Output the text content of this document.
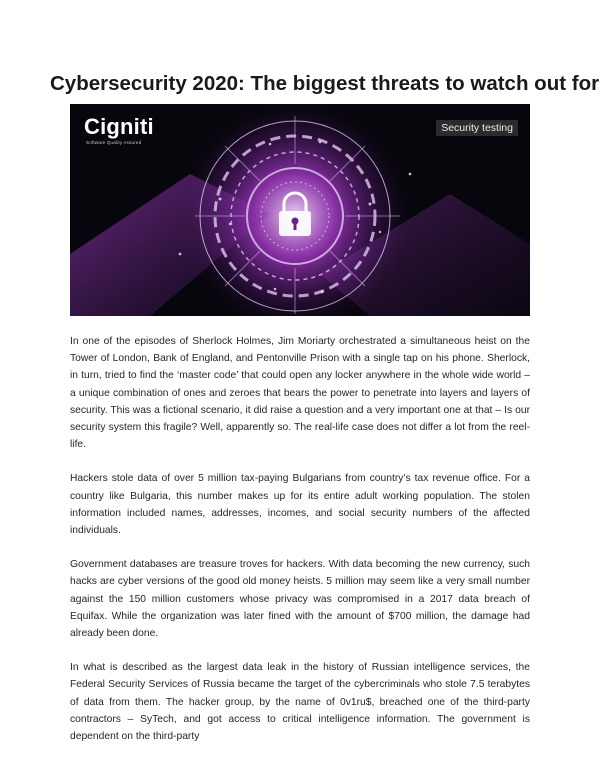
Cybersecurity 2020: The biggest threats to watch out for
Cigniti
Software Quality Assured
Security testing

In one of the episodes of Sherlock Holmes, Jim Moriarty orchestrated a simultaneous heist on the Tower of London, Bank of England, and Pentonville Prison with a single tap on his phone. Sherlock, in turn, tried to find the ‘master code’ that could open any locker anywhere in the whole wide world – a unique combination of ones and zeroes that bears the power to penetrate into layers and layers of security. This was a fictional scenario, it did raise a question and a very important one at that – Is our security system this fragile? Well, apparently so. The real-life case does not differ a lot from the reel-life.

Hackers stole data of over 5 million tax-paying Bulgarians from country’s tax revenue office. For a country like Bulgaria, this number makes up for its entire adult working population. The stolen information included names, addresses, incomes, and social security numbers of the affected individuals.

Government databases are treasure troves for hackers. With data becoming the new currency, such hacks are cyber versions of the good old money heists. 5 million may seem like a very small number against the 150 million customers whose privacy was compromised in a 2017 data breach of Equifax. While the organization was later fined with the amount of $700 million, the damage had already been done.

In what is described as the largest data leak in the history of Russian intelligence services, the Federal Security Services of Russia became the target of the cybercriminals who stole 7.5 terabytes of data from them. The hacker group, by the name of 0v1ru$, breached one of the third-party contractors – SyTech, and got access to critical intelligence information. The government is dependent on the third-party
